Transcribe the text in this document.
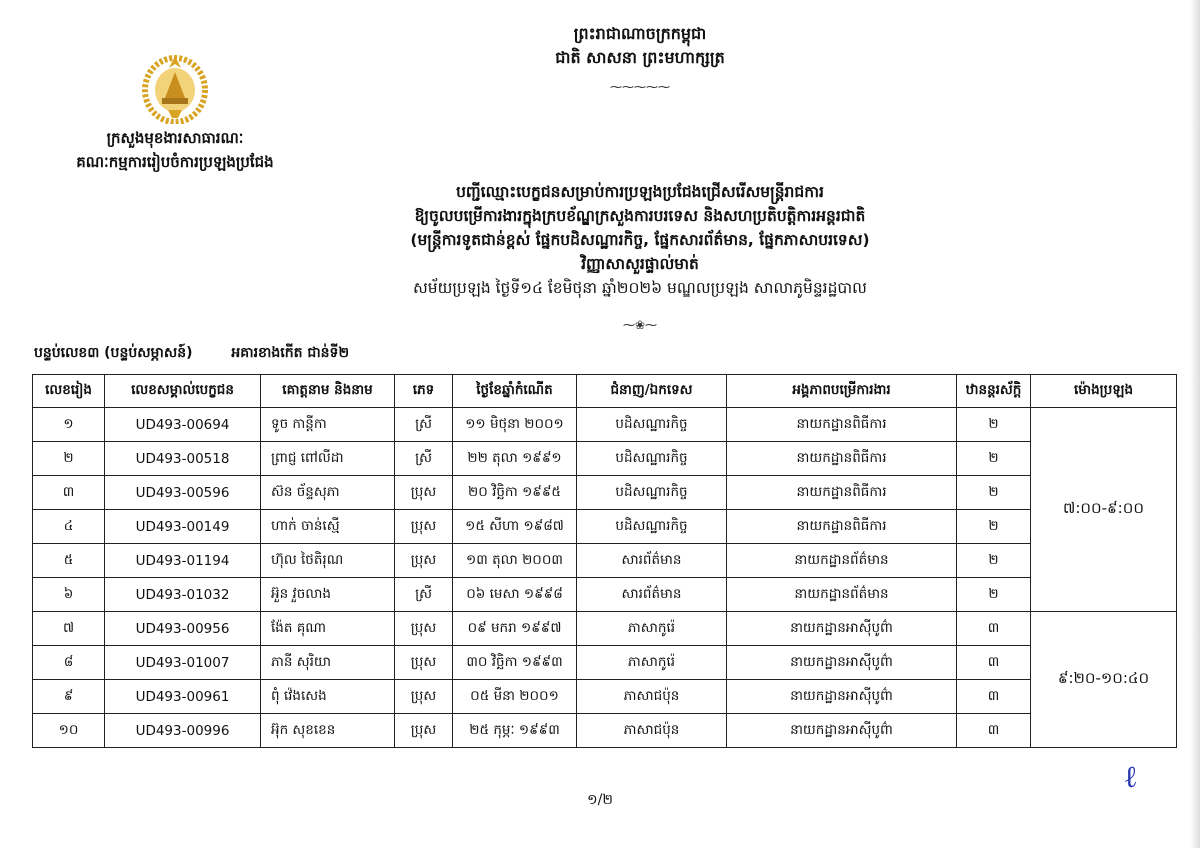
ព្រះរាជាណាចក្រកម្ពុជា
ជាតិ សាសនា ព្រះមហាក្សត្រ
⁓⁓⁓⁓⁓
ក្រសួងមុខងារសាធារណៈ
គណៈកម្មការរៀបចំការប្រឡងប្រជែង
បញ្ជីឈ្មោះបេក្ខជនសម្រាប់ការប្រឡងប្រជែងជ្រើសរើសមន្ត្រីរាជការ
ឱ្យចូលបម្រើការងារក្នុងក្របខ័ណ្ឌក្រសួងការបរទេស និងសហប្រតិបត្តិការអន្តរជាតិ
(មន្ត្រីការទូតជាន់ខ្ពស់ ផ្នែកបដិសណ្ឋារកិច្ច, ផ្នែកសារព័ត៌មាន, ផ្នែកភាសាបរទេស)
វិញ្ញាសាសួរផ្ទាល់មាត់
សម័យប្រឡង ថ្ងៃទី១៤ ខែមិថុនា ឆ្នាំ២០២៦ មណ្ឌលប្រឡង សាលាភូមិន្ទរដ្ឋបាល
⁓❀⁓
បន្ទប់លេខ៣ (បន្ទប់សម្ភាសន៍)	អគារខាងកើត ជាន់ទី២
លេខរៀង	លេខសម្គាល់បេក្ខជន	គោត្តនាម និងនាម	ភេទ	ថ្ងៃខែឆ្នាំកំណើត	ជំនាញ/ឯកទេស	អង្គភាពបម្រើការងារ	ឋានន្តរស័ក្តិ	ម៉ោងប្រឡង
១	UD493-00694	ទូច កាន្តីកា	ស្រី	១១ មិថុនា ២០០១	បដិសណ្ឋារកិច្ច	នាយកដ្ឋានពិធីការ	២	៧:០០-៩:០០
២	UD493-00518	ព្រាជ្ញ ពៅលីដា	ស្រី	២២ តុលា ១៩៩១	បដិសណ្ឋារកិច្ច	នាយកដ្ឋានពិធីការ	២	
៣	UD493-00596	ស៊ន ច័ន្ទសុភា	ប្រុស	២០ វិច្ឆិកា ១៩៩៥	បដិសណ្ឋារកិច្ច	នាយកដ្ឋានពិធីការ	២	
៤	UD493-00149	ហាក់ ចាន់ស្មើ	ប្រុស	១៥ សីហា ១៩៨៧	បដិសណ្ឋារកិច្ច	នាយកដ្ឋានពិធីការ	២	
៥	UD493-01194	ហ៊ុល ថៃតិរុណ	ប្រុស	១៣ តុលា ២០០៣	សារព័ត៌មាន	នាយកដ្ឋានព័ត៌មាន	២	
៦	UD493-01032	អ៊ួន វួចលាង	ស្រី	០៦ មេសា ១៩៩៨	សារព័ត៌មាន	នាយកដ្ឋានព័ត៌មាន	២	
៧	UD493-00956	ង៉ែត គុណា	ប្រុស	០៩ មករា ១៩៩៧	ភាសាកូរ៉េ	នាយកដ្ឋានអាស៊ីបូព៌ា	៣	៩:២០-១០:៤០
៨	UD493-01007	ភានី សុរិយា	ប្រុស	៣០ វិច្ឆិកា ១៩៩៣	ភាសាកូរ៉េ	នាយកដ្ឋានអាស៊ីបូព៌ា	៣	
៩	UD493-00961	ពុំ វ៉េងសេង	ប្រុស	០៥ មីនា ២០០១	ភាសាជប៉ុន	នាយកដ្ឋានអាស៊ីបូព៌ា	៣	
១០	UD493-00996	អ៊ុក សុខខេន	ប្រុស	២៥ កុម្ភៈ ១៩៩៣	ភាសាជប៉ុន	នាយកដ្ឋានអាស៊ីបូព៌ា	៣	
១/២
ℓ
